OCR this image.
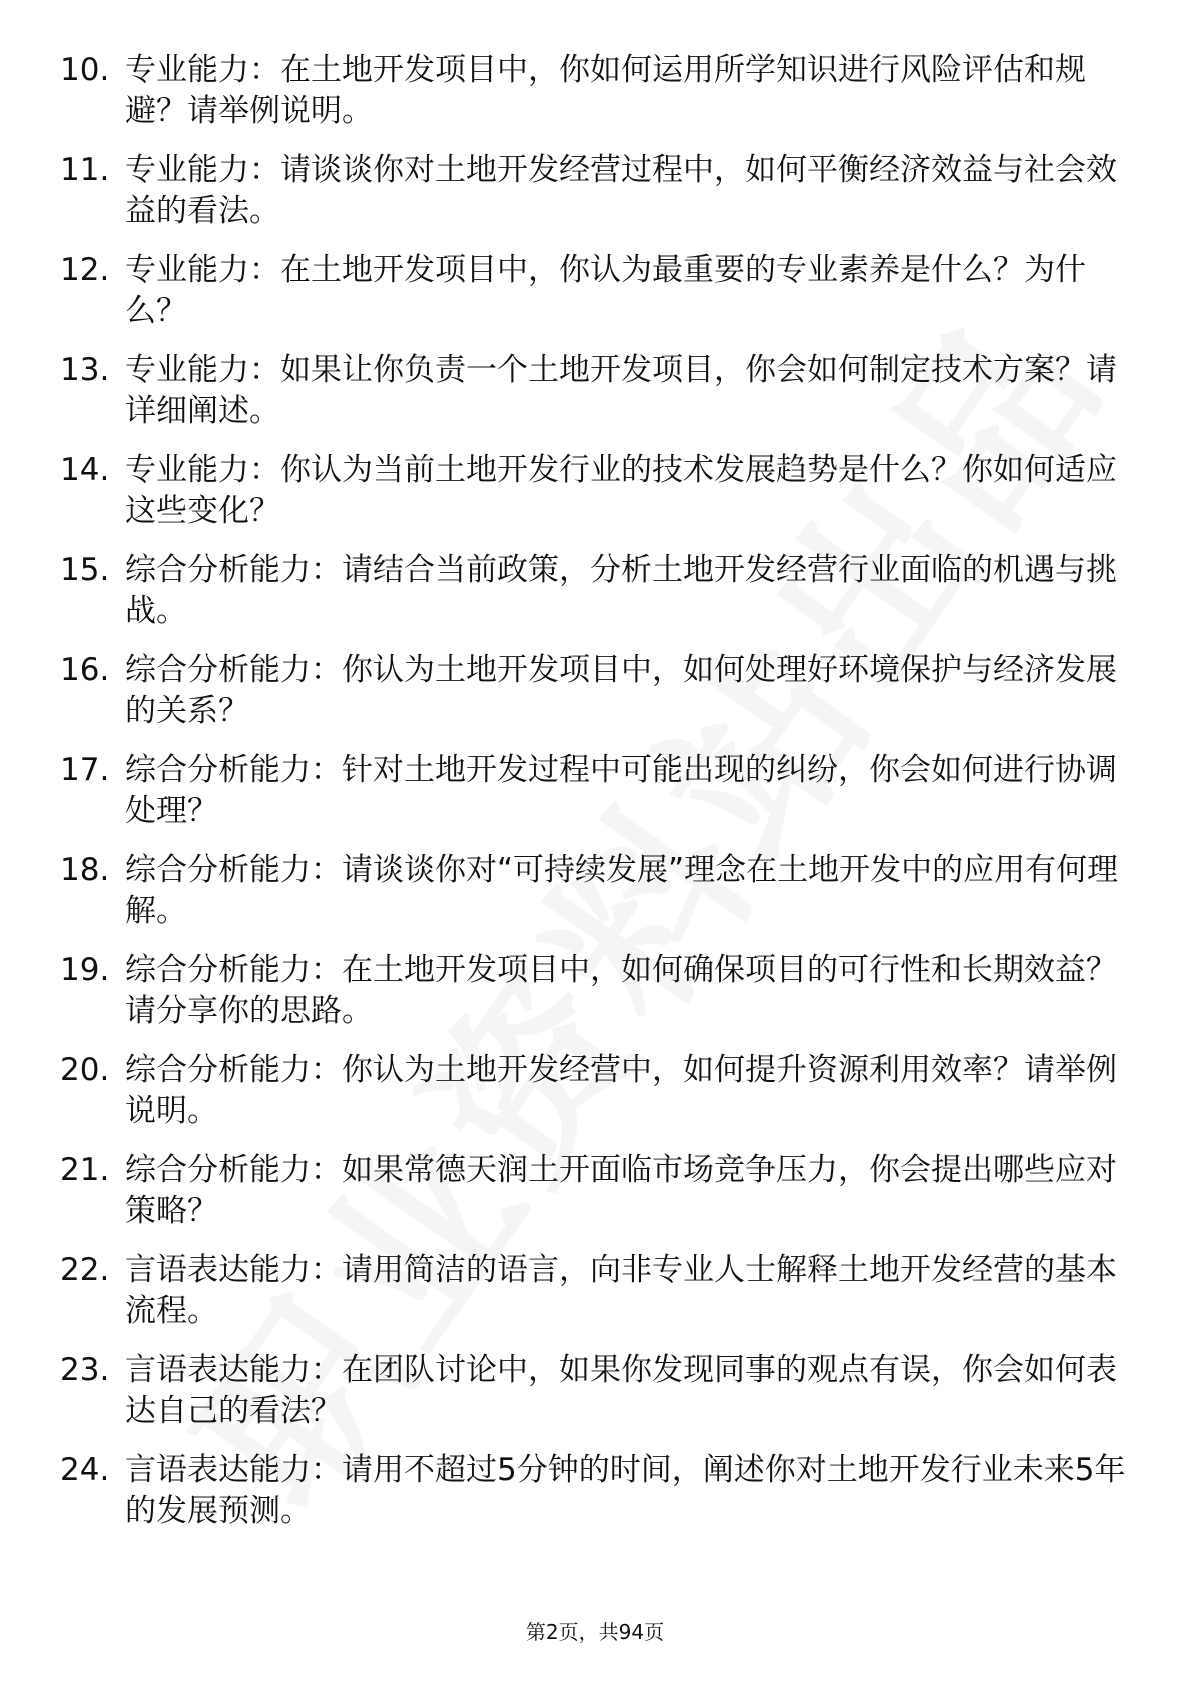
10. 专业能力：在土地开发项目中，你如何运用所学知识进行风险评估和规避？请举例说明。
11. 专业能力：请谈谈你对土地开发经营过程中，如何平衡经济效益与社会效益的看法。
12. 专业能力：在土地开发项目中，你认为最重要的专业素养是什么？为什么？
13. 专业能力：如果让你负责一个土地开发项目，你会如何制定技术方案？请详细阐述。
14. 专业能力：你认为当前土地开发行业的技术发展趋势是什么？你如何适应这些变化？
15. 综合分析能力：请结合当前政策，分析土地开发经营行业面临的机遇与挑战。
16. 综合分析能力：你认为土地开发项目中，如何处理好环境保护与经济发展的关系？
17. 综合分析能力：针对土地开发过程中可能出现的纠纷，你会如何进行协调处理？
18. 综合分析能力：请谈谈你对“可持续发展”理念在土地开发中的应用有何理解。
19. 综合分析能力：在土地开发项目中，如何确保项目的可行性和长期效益？请分享你的思路。
20. 综合分析能力：你认为土地开发经营中，如何提升资源利用效率？请举例说明。
21. 综合分析能力：如果常德天润土开面临市场竞争压力，你会提出哪些应对策略？
22. 言语表达能力：请用简洁的语言，向非专业人士解释土地开发经营的基本流程。
23. 言语表达能力：在团队讨论中，如果你发现同事的观点有误，你会如何表达自己的看法？
24. 言语表达能力：请用不超过5分钟的时间，阐述你对土地开发行业未来5年的发展预测。
第2页，共94页
